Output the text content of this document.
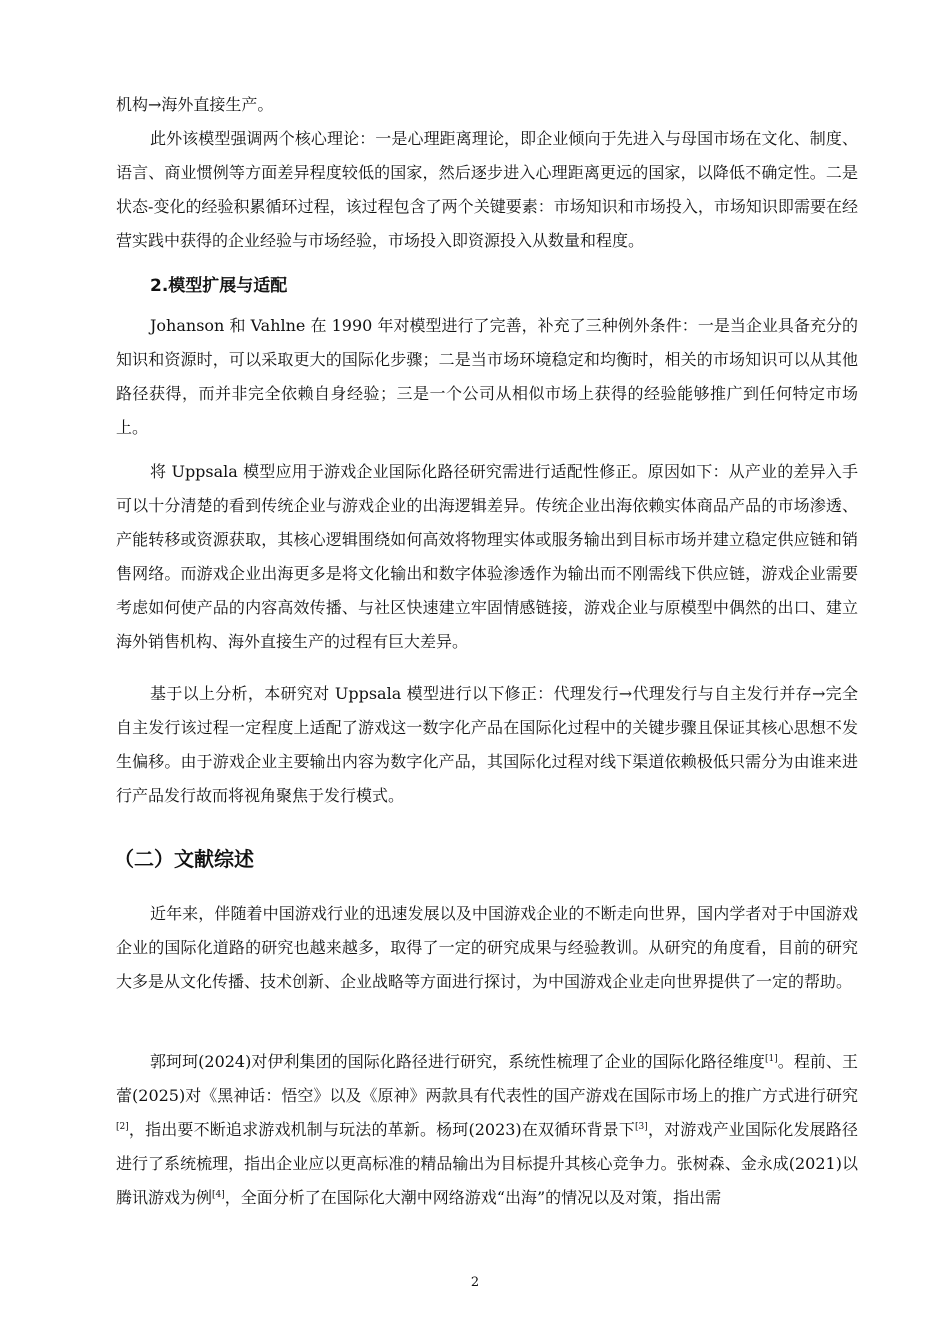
机构→海外直接生产。

此外该模型强调两个核心理论：一是心理距离理论，即企业倾向于先进入与母国市场在文化、制度、语言、商业惯例等方面差异程度较低的国家，然后逐步进入心理距离更远的国家，以降低不确定性。二是状态-变化的经验积累循环过程，该过程包含了两个关键要素：市场知识和市场投入，市场知识即需要在经营实践中获得的企业经验与市场经验，市场投入即资源投入从数量和程度。

2.模型扩展与适配

Johanson 和 Vahlne 在 1990 年对模型进行了完善，补充了三种例外条件：一是当企业具备充分的知识和资源时，可以采取更大的国际化步骤；二是当市场环境稳定和均衡时，相关的市场知识可以从其他路径获得，而并非完全依赖自身经验；三是一个公司从相似市场上获得的经验能够推广到任何特定市场上。

将 Uppsala 模型应用于游戏企业国际化路径研究需进行适配性修正。原因如下：从产业的差异入手可以十分清楚的看到传统企业与游戏企业的出海逻辑差异。传统企业出海依赖实体商品产品的市场渗透、产能转移或资源获取，其核心逻辑围绕如何高效将物理实体或服务输出到目标市场并建立稳定供应链和销售网络。而游戏企业出海更多是将文化输出和数字体验渗透作为输出而不刚需线下供应链，游戏企业需要考虑如何使产品的内容高效传播、与社区快速建立牢固情感链接，游戏企业与原模型中偶然的出口、建立海外销售机构、海外直接生产的过程有巨大差异。

基于以上分析，本研究对 Uppsala 模型进行以下修正：代理发行→代理发行与自主发行并存→完全自主发行该过程一定程度上适配了游戏这一数字化产品在国际化过程中的关键步骤且保证其核心思想不发生偏移。由于游戏企业主要输出内容为数字化产品，其国际化过程对线下渠道依赖极低只需分为由谁来进行产品发行故而将视角聚焦于发行模式。

（二）文献综述

近年来，伴随着中国游戏行业的迅速发展以及中国游戏企业的不断走向世界，国内学者对于中国游戏企业的国际化道路的研究也越来越多，取得了一定的研究成果与经验教训。从研究的角度看，目前的研究大多是从文化传播、技术创新、企业战略等方面进行探讨，为中国游戏企业走向世界提供了一定的帮助。

郭珂珂(2024)对伊利集团的国际化路径进行研究，系统性梳理了企业的国际化路径维度[1]。程前、王蕾(2025)对《黑神话：悟空》以及《原神》两款具有代表性的国产游戏在国际市场上的推广方式进行研究[2]，指出要不断追求游戏机制与玩法的革新。杨珂(2023)在双循环背景下[3]，对游戏产业国际化发展路径进行了系统梳理，指出企业应以更高标准的精品输出为目标提升其核心竞争力。张树森、金永成(2021)以腾讯游戏为例[4]，全面分析了在国际化大潮中网络游戏“出海”的情况以及对策，指出需

2
